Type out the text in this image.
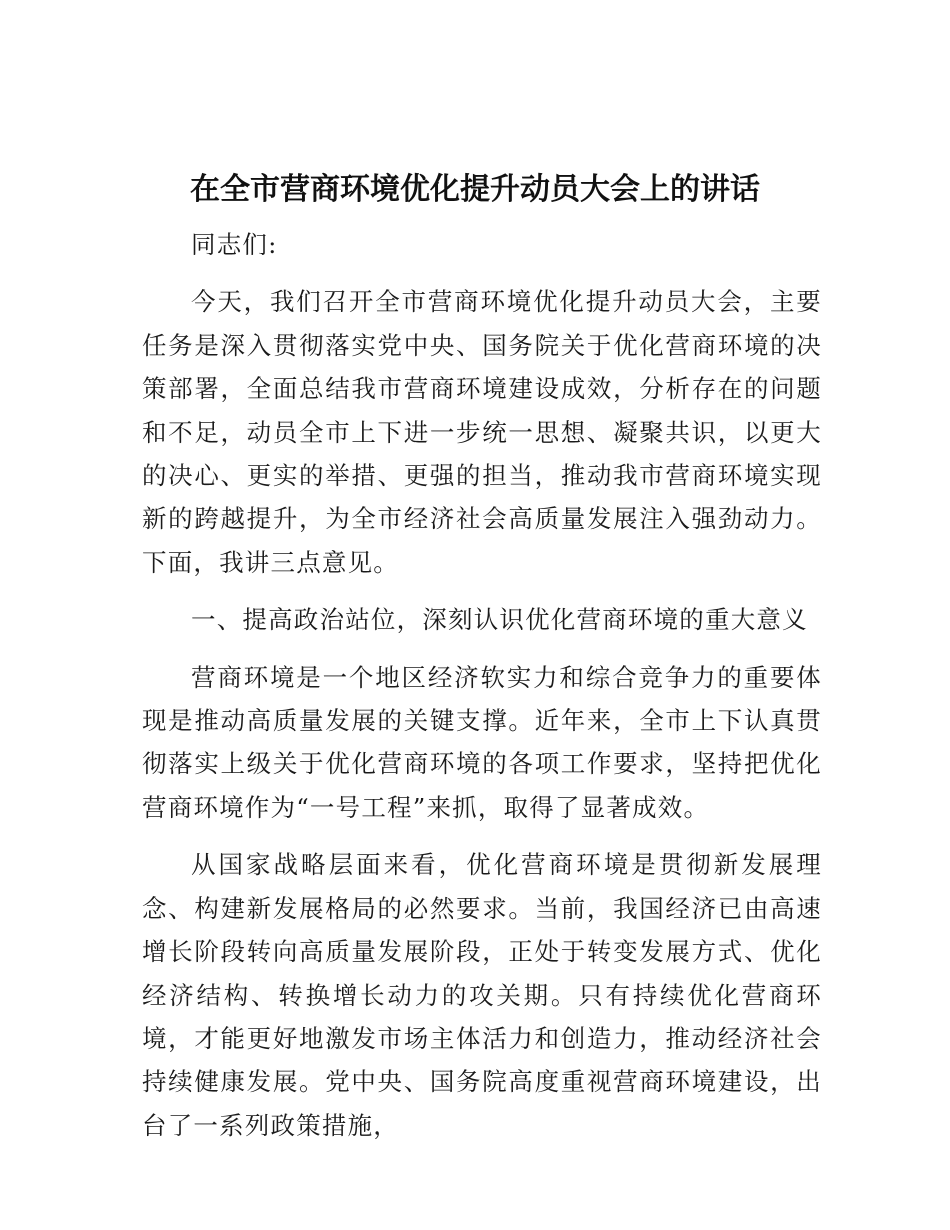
在全市营商环境优化提升动员大会上的讲话

同志们:

今天，我们召开全市营商环境优化提升动员大会，主要任务是深入贯彻落实党中央、国务院关于优化营商环境的决策部署，全面总结我市营商环境建设成效，分析存在的问题和不足，动员全市上下进一步统一思想、凝聚共识，以更大的决心、更实的举措、更强的担当，推动我市营商环境实现新的跨越提升，为全市经济社会高质量发展注入强劲动力。下面，我讲三点意见。

一、提高政治站位，深刻认识优化营商环境的重大意义

营商环境是一个地区经济软实力和综合竞争力的重要体现是推动高质量发展的关键支撑。近年来，全市上下认真贯彻落实上级关于优化营商环境的各项工作要求，坚持把优化营商环境作为“一号工程”来抓，取得了显著成效。

从国家战略层面来看，优化营商环境是贯彻新发展理念、构建新发展格局的必然要求。当前，我国经济已由高速增长阶段转向高质量发展阶段，正处于转变发展方式、优化经济结构、转换增长动力的攻关期。只有持续优化营商环境，才能更好地激发市场主体活力和创造力，推动经济社会持续健康发展。党中央、国务院高度重视营商环境建设，出台了一系列政策措施，
